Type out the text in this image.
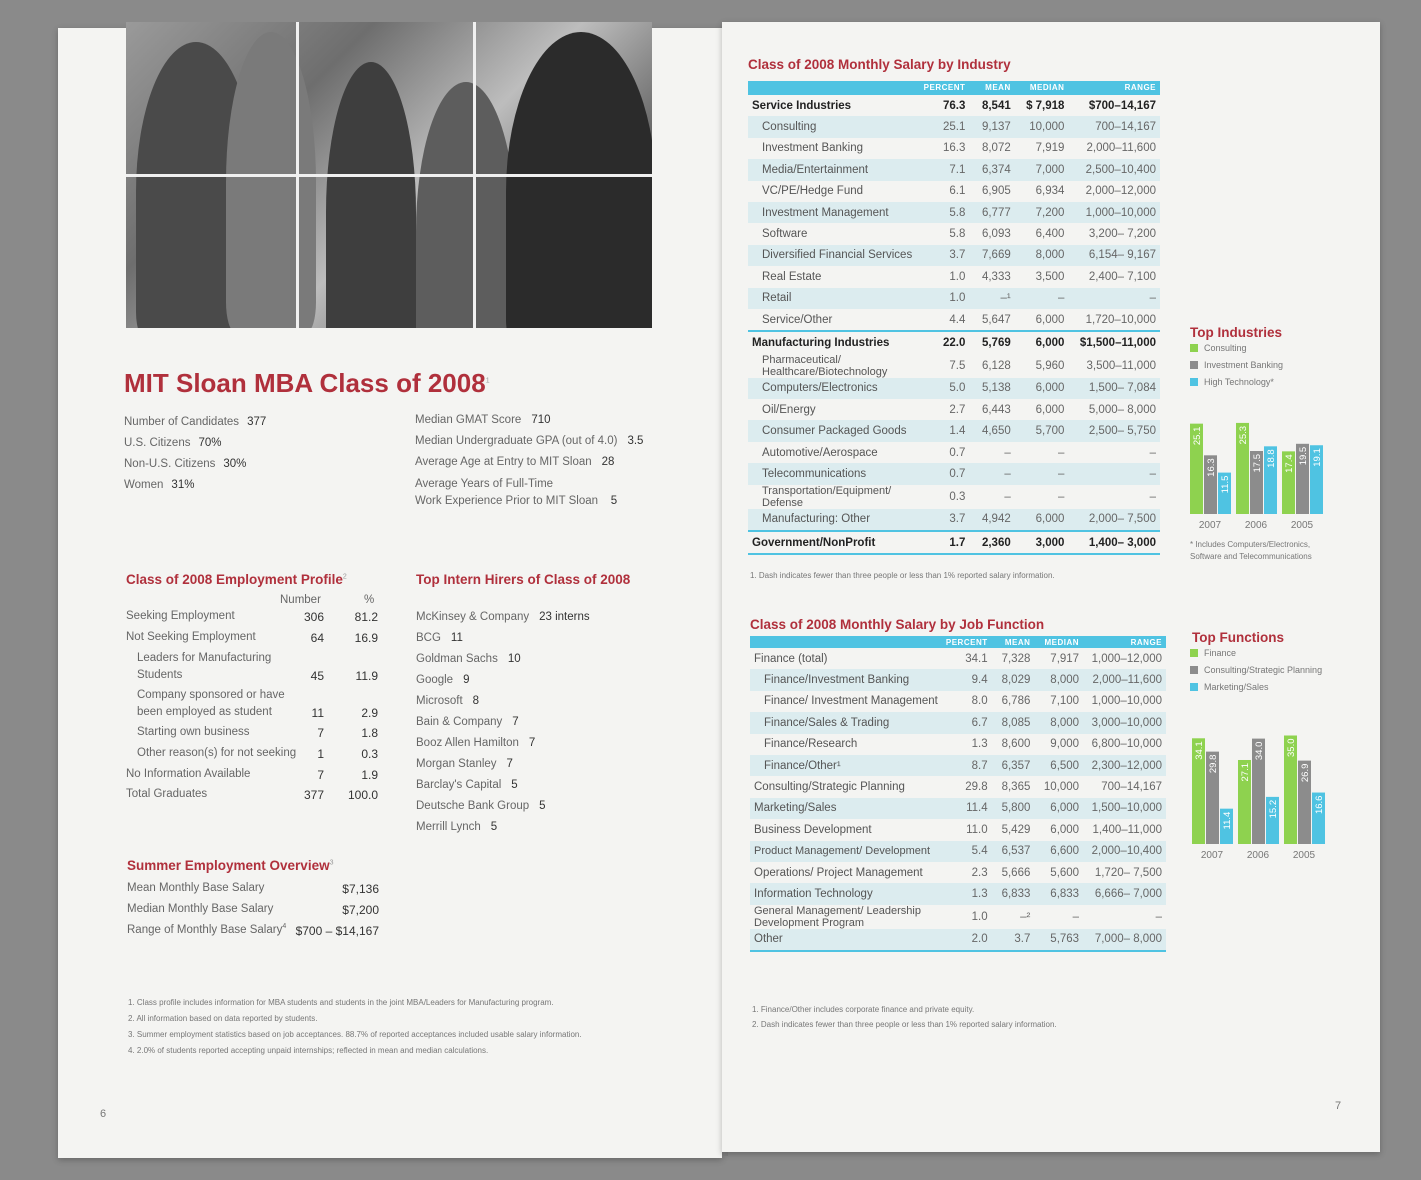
MIT Sloan MBA Class of 2008$^1$
Number of Candidates 377
U.S. Citizens 70%
Non-U.S. Citizens 30%
Women 31%
Median GMAT Score 710
Median Undergraduate GPA (out of 4.0) 3.5
Average Age at Entry to MIT Sloan 28
Average Years of Full-Time
Work Experience Prior to MIT Sloan 5
Class of 2008 Employment Profile$^2$
Number	%
Seeking Employment	306	81.2
Not Seeking Employment	64	16.9
Leaders for Manufacturing
Students	45	11.9
Company sponsored or have
been employed as student	11	2.9
Starting own business	7	1.8
Other reason(s) for not seeking	1	0.3
No Information Available	7	1.9
Total Graduates	377	100.0
Top Intern Hirers of Class of 2008
McKinsey & Company 23 interns
BCG 11
Goldman Sachs 10
Google 9
Microsoft 8
Bain & Company 7
Booz Allen Hamilton 7
Morgan Stanley 7
Barclay's Capital 5
Deutsche Bank Group 5
Merrill Lynch 5
Summer Employment Overview$^3$
Mean Monthly Base Salary	$7,136
Median Monthly Base Salary	$7,200
Range of Monthly Base Salary$^4$ $700 – $14,167
1. Class profile includes information for MBA students and students in the joint MBA/Leaders for Manufacturing program.
2. All information based on data reported by students.
3. Summer employment statistics based on job acceptances. 88.7% of reported acceptances included usable salary information.
4. 2.0% of students reported accepting unpaid internships; reflected in mean and median calculations.
6
Class of 2008 Monthly Salary by Industry
	PERCENT	MEAN	MEDIAN	RANGE
Service Industries	76.3	8,541	$ 7,918	$700–14,167
Consulting	25.1	9,137	10,000	700–14,167
Investment Banking	16.3	8,072	7,919	2,000–11,600
Media/Entertainment	7.1	6,374	7,000	2,500–10,400
VC/PE/Hedge Fund	6.1	6,905	6,934	2,000–12,000
Investment Management	5.8	6,777	7,200	1,000–10,000
Software	5.8	6,093	6,400	3,200– 7,200
Diversified Financial Services	3.7	7,669	8,000	6,154– 9,167
Real Estate	1.0	4,333	3,500	2,400– 7,100
Retail	1.0	–¹	–	–
Service/Other	4.4	5,647	6,000	1,720–10,000
Manufacturing Industries	22.0	5,769	6,000	$1,500–11,000
Pharmaceutical/ Healthcare/Biotechnology	7.5	6,128	5,960	3,500–11,000
Computers/Electronics	5.0	5,138	6,000	1,500– 7,084
Oil/Energy	2.7	6,443	6,000	5,000– 8,000
Consumer Packaged Goods	1.4	4,650	5,700	2,500– 5,750
Automotive/Aerospace	0.7	–	–	–
Telecommunications	0.7	–	–	–
Transportation/Equipment/ Defense	0.3	–	–	–
Manufacturing: Other	3.7	4,942	6,000	2,000– 7,500
Government/NonProfit	1.7	2,360	3,000	1,400– 3,000
1. Dash indicates fewer than three people or less than 1% reported salary information.
Class of 2008 Monthly Salary by Job Function
	PERCENT	MEAN	MEDIAN	RANGE
Finance (total)	34.1	7,328	7,917	1,000–12,000
Finance/Investment Banking	9.4	8,029	8,000	2,000–11,600
Finance/ Investment Management	8.0	6,786	7,100	1,000–10,000
Finance/Sales & Trading	6.7	8,085	8,000	3,000–10,000
Finance/Research	1.3	8,600	9,000	6,800–10,000
Finance/Other¹	8.7	6,357	6,500	2,300–12,000
Consulting/Strategic Planning	29.8	8,365	10,000	700–14,167
Marketing/Sales	11.4	5,800	6,000	1,500–10,000
Business Development	11.0	5,429	6,000	1,400–11,000
Product Management/ Development	5.4	6,537	6,600	2,000–10,400
Operations/ Project Management	2.3	5,666	5,600	1,720– 7,500
Information Technology	1.3	6,833	6,833	6,666– 7,000
General Management/ Leadership Development Program	1.0	–²	–	–
Other	2.0	3.7	5,763	7,000– 8,000
1. Finance/Other includes corporate finance and private equity.
2. Dash indicates fewer than three people or less than 1% reported salary information.
Top Industries
Consulting
Investment Banking
High Technology*
25.1
16.3
11.5
2007
25.3
17.5 18.8
2006
17.4 19.5 19.1
2005
* Includes Computers/Electronics, Software and Telecommunications
Top Functions
Finance
Consulting/Strategic Planning
Marketing/Sales
34.1
29.8
11.4
2007
27.1
34.0
15.2
2006
35.0
26.9
16.6
2005
7
